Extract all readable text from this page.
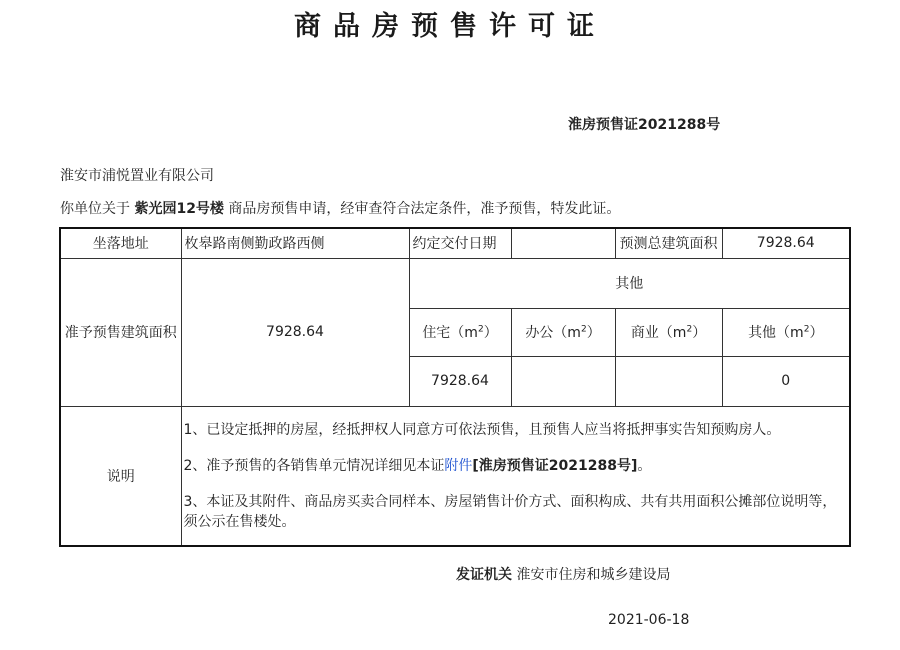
商品房预售许可证
淮房预售证2021288号
淮安市浦悦置业有限公司
你单位关于 紫光园12号楼 商品房预售申请，经审查符合法定条件，准予预售，特发此证。
坐落地址	枚皋路南侧勤政路西侧	约定交付日期		预测总建筑面积	7928.64
准予预售建筑面积	7928.64	其他			
		住宅$(m^2)$	办公$(m^2)$	商业$(m^2)$	其他$(m^2)$
		7928.64			0
说明	1、已设定抵押的房屋，经抵押权人同意方可依法预售，且预售人应当将抵押事实告知预购房人。

2、准予预售的各销售单元情况详细见本证附件[淮房预售证2021288号]。

3、本证及其附件、商品房买卖合同样本、房屋销售计价方式、面积构成、共有共用面积公摊部位说明等，须公示在售楼处。				

发证机关 淮安市住房和城乡建设局
2021-06-18
